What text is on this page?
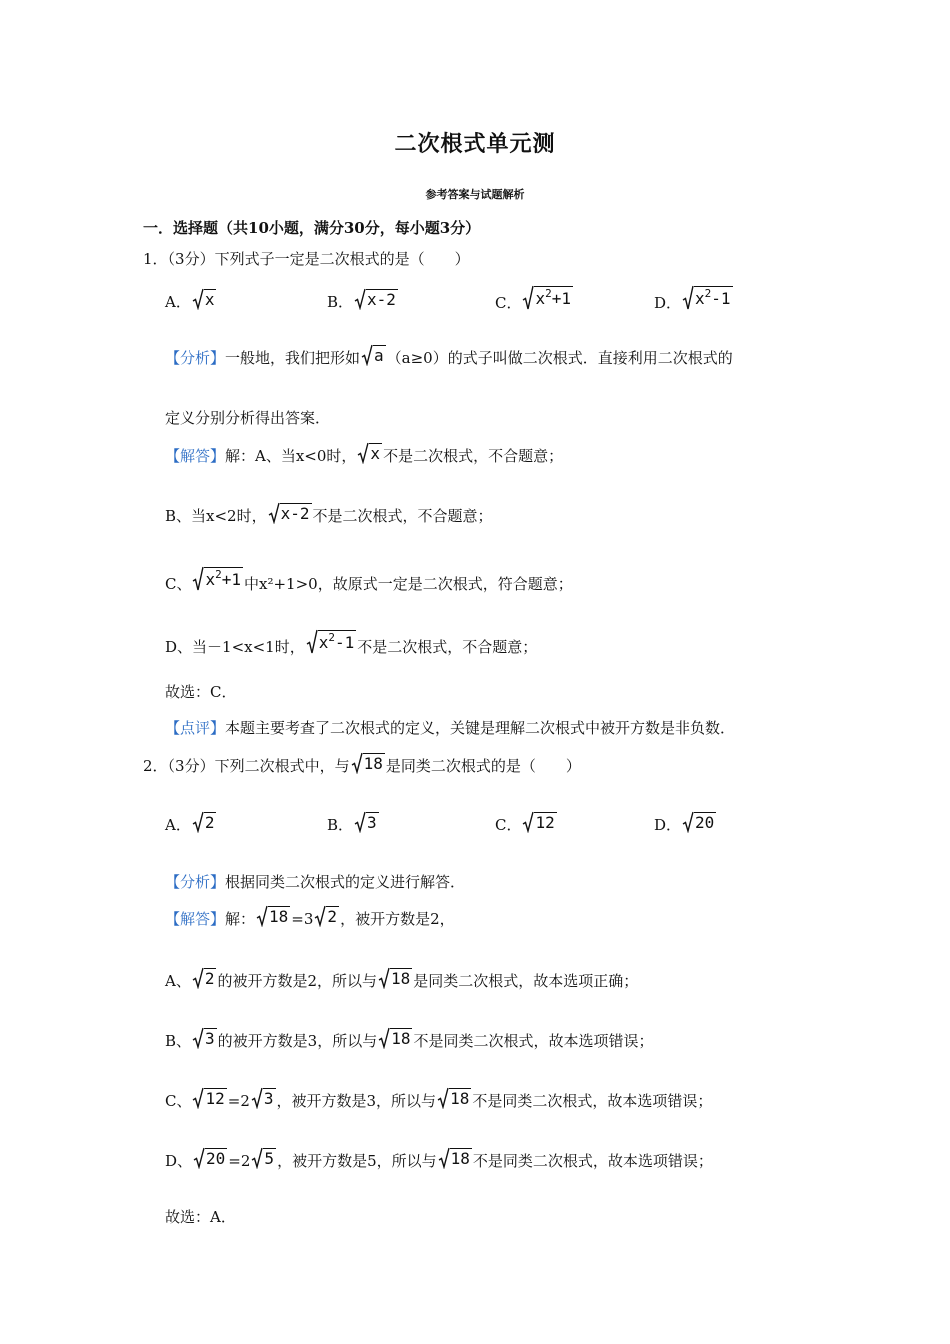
二次根式单元测
参考答案与试题解析
一．选择题（共10小题，满分30分，每小题3分）
1．（3分）下列式子一定是二次根式的是（　　）
A． x	B． x-2	C． $x^2+1$	D． $x^2-1$
【分析】一般地，我们把形如 a （a≥0）的式子叫做二次根式．直接利用二次根式的
定义分别分析得出答案．
【解答】解：A、当x<0时， x 不是二次根式，不合题意；
B、当x<2时， x-2 不是二次根式，不合题意；
C、 $x^2+1$ 中x²+1>0，故原式一定是二次根式，符合题意；
D、当－1<x<1时， $x^2-1$ 不是二次根式，不合题意；
故选：C．
【点评】本题主要考查了二次根式的定义，关键是理解二次根式中被开方数是非负数．
2．（3分）下列二次根式中，与 18 是同类二次根式的是（　　）
A． 2	B． 3	C． 12	D． 20
【分析】根据同类二次根式的定义进行解答．
【解答】解： 18 =3 2 ，被开方数是2，
A、 2 的被开方数是2，所以与 18 是同类二次根式，故本选项正确；
B、 3 的被开方数是3，所以与 18 不是同类二次根式，故本选项错误；
C、 12 =2 3 ，被开方数是3，所以与 18 不是同类二次根式，故本选项错误；
D、 20 =2 5 ，被开方数是5，所以与 18 不是同类二次根式，故本选项错误；
故选：A．
